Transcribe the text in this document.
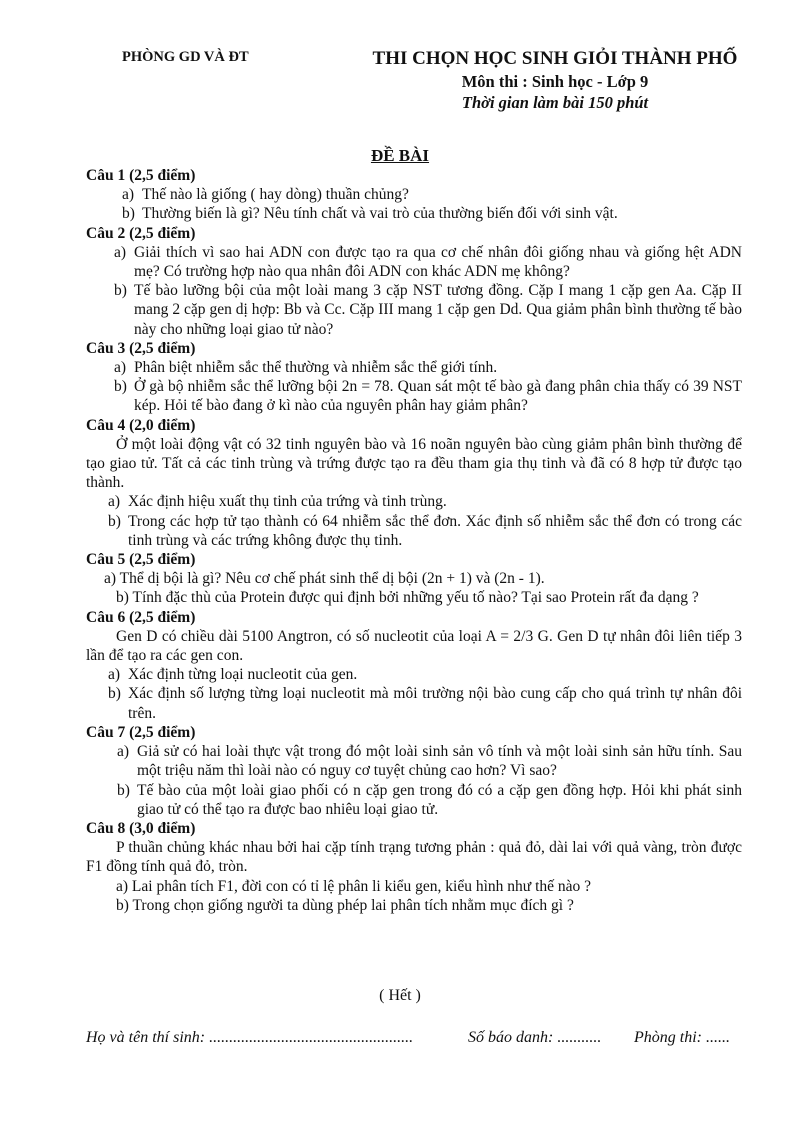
PHÒNG GD VÀ ĐT	THI CHỌN HỌC SINH GIỎI THÀNH PHỐ
Môn thi : Sinh học - Lớp 9
Thời gian làm bài 150 phút
ĐỀ BÀI
Câu 1 (2,5 điểm)
a) Thế nào là giống ( hay dòng) thuần chủng?
b) Thường biến là gì? Nêu tính chất và vai trò của thường biến đối với sinh vật.
Câu 2 (2,5 điểm)
a) Giải thích vì sao hai ADN con được tạo ra qua cơ chế nhân đôi giống nhau và giống hệt ADN mẹ? Có trường hợp nào qua nhân đôi ADN con khác ADN mẹ không?
b) Tế bào lưỡng bội của một loài mang 3 cặp NST tương đồng. Cặp I mang 1 cặp gen Aa. Cặp II mang 2 cặp gen dị hợp: Bb và Cc. Cặp III mang 1 cặp gen Dd. Qua giảm phân bình thường tế bào này cho những loại giao tử nào?
Câu 3 (2,5 điểm)
a) Phân biệt nhiễm sắc thể thường và nhiễm sắc thể giới tính.
b) Ở gà bộ nhiễm sắc thể lưỡng bội 2n = 78. Quan sát một tế bào gà đang phân chia thấy có 39 NST kép. Hỏi tế bào đang ở kì nào của nguyên phân hay giảm phân?
Câu 4 (2,0 điểm)
Ở một loài động vật có 32 tinh nguyên bào và 16 noãn nguyên bào cùng giảm phân bình thường để tạo giao tử. Tất cả các tinh trùng và trứng được tạo ra đều tham gia thụ tinh và đã có 8 hợp tử được tạo thành.
a) Xác định hiệu xuất thụ tinh của trứng và tinh trùng.
b) Trong các hợp tử tạo thành có 64 nhiễm sắc thể đơn. Xác định số nhiễm sắc thể đơn có trong các tinh trùng và các trứng không được thụ tinh.
Câu 5 (2,5 điểm)
a) Thể dị bội là gì? Nêu cơ chế phát sinh thể dị bội (2n + 1) và (2n - 1).
b) Tính đặc thù của Protein được qui định bởi những yếu tố nào? Tại sao Protein rất đa dạng ?
Câu 6 (2,5 điểm)
Gen D có chiều dài 5100 Angtron, có số nucleotit của loại A = 2/3 G. Gen D tự nhân đôi liên tiếp 3 lần để tạo ra các gen con.
a) Xác định từng loại nucleotit của gen.
b) Xác định số lượng từng loại nucleotit mà môi trường nội bào cung cấp cho quá trình tự nhân đôi trên.
Câu 7 (2,5 điểm)
a) Giả sử có hai loài thực vật trong đó một loài sinh sản vô tính và một loài sinh sản hữu tính. Sau một triệu năm thì loài nào có nguy cơ tuyệt chủng cao hơn? Vì sao?
b) Tế bào của một loài giao phối có n cặp gen trong đó có a cặp gen đồng hợp. Hỏi khi phát sinh giao tử có thể tạo ra được bao nhiêu loại giao tử.
Câu 8 (3,0 điểm)
P thuần chủng khác nhau bởi hai cặp tính trạng tương phản : quả đỏ, dài lai với quả vàng, tròn được F1 đồng tính quả đỏ, tròn.
a) Lai phân tích F1, đời con có tỉ lệ phân li kiểu gen, kiểu hình như thế nào ?
b) Trong chọn giống người ta dùng phép lai phân tích nhằm mục đích gì ?
( Hết )
Họ và tên thí sinh: ...................................................	Số báo danh: ........... Phòng thi: ......
